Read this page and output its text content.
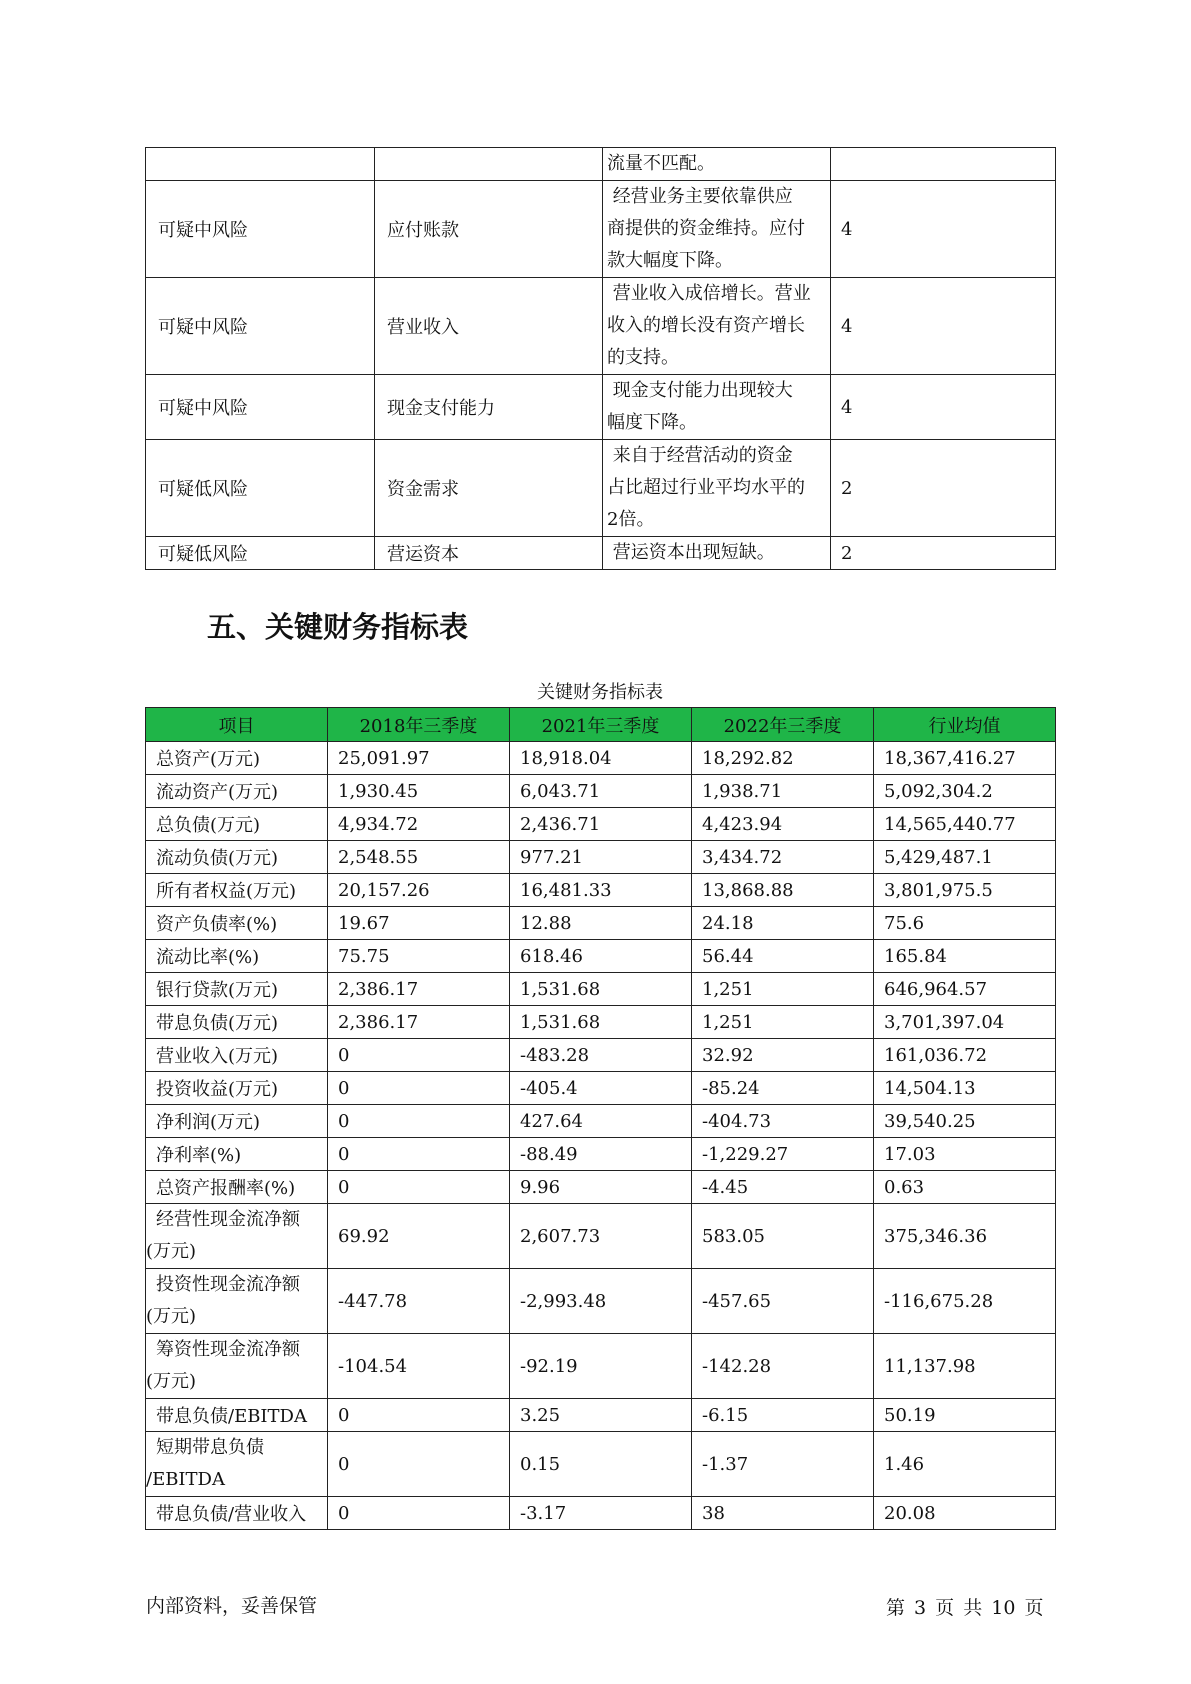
		流量不匹配。	

可疑中风险	应付账款	经营业务主要依靠供应
商提供的资金维持。应付
款大幅度下降。	4
可疑中风险	营业收入	营业收入成倍增长。营业
收入的增长没有资产增长
的支持。	4
可疑中风险	现金支付能力	现金支付能力出现较大
幅度下降。	4
可疑低风险	资金需求	来自于经营活动的资金
占比超过行业平均水平的
2倍。	2
可疑低风险	营运资本	营运资本出现短缺。	2
五、关键财务指标表
关键财务指标表
项目	2018年三季度	2021年三季度	2022年三季度	行业均值
总资产(万元)	25,091.97	18,918.04	18,292.82	18,367,416.27
流动资产(万元)	1,930.45	6,043.71	1,938.71	5,092,304.2
总负债(万元)	4,934.72	2,436.71	4,423.94	14,565,440.77
流动负债(万元)	2,548.55	977.21	3,434.72	5,429,487.1
所有者权益(万元)	20,157.26	16,481.33	13,868.88	3,801,975.5
资产负债率(%)	19.67	12.88	24.18	75.6
流动比率(%)	75.75	618.46	56.44	165.84
银行贷款(万元)	2,386.17	1,531.68	1,251	646,964.57
带息负债(万元)	2,386.17	1,531.68	1,251	3,701,397.04
营业收入(万元)	0	-483.28	32.92	161,036.72
投资收益(万元)	0	-405.4	-85.24	14,504.13
净利润(万元)	0	427.64	-404.73	39,540.25
净利率(%)	0	-88.49	-1,229.27	17.03
总资产报酬率(%)	0	9.96	-4.45	0.63

经营性现金流净额
(万元)	69.92	2,607.73	583.05	375,346.36

投资性现金流净额
(万元)	-447.78	-2,993.48	-457.65	-116,675.28

筹资性现金流净额
(万元)	-104.54	-92.19	-142.28	11,137.98
带息负债/EBITDA	0	3.25	-6.15	50.19

短期带息负债
/EBITDA	0	0.15	-1.37	1.46
带息负债/营业收入	0	-3.17	38	20.08
内部资料，妥善保管	第 3 页 共 10 页
